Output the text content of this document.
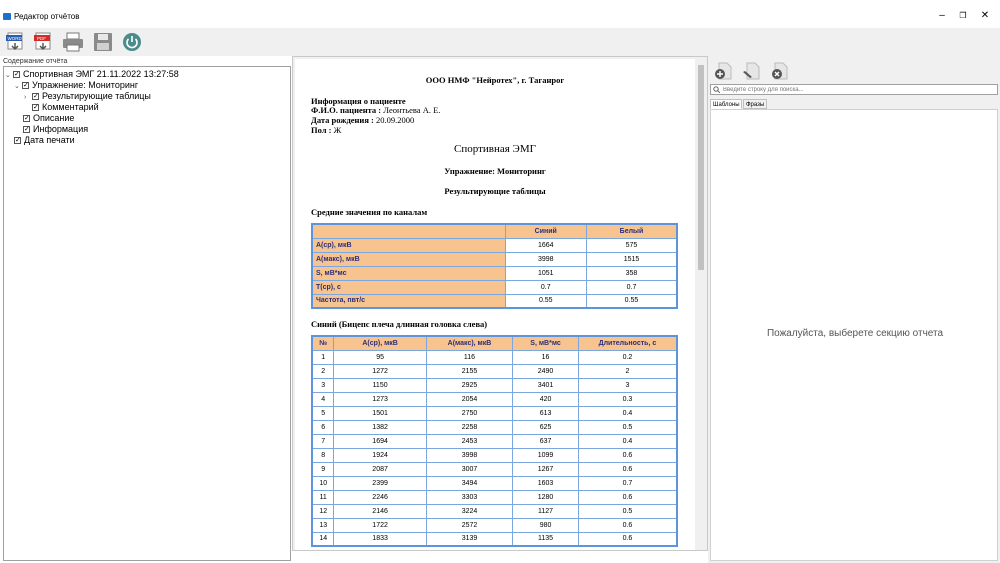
Редактор отчётов	–	❐	✕
WORD	PDF
Содержание отчёта
⌄ ✓ Спортивная ЭМГ 21.11.2022 13:27:58
⌄ ✓ Упражнение: Мониторинг
› ✓ Результирующие таблицы
✓ Комментарий
✓ Описание
✓ Информация
✓ Дата печати
ООО НМФ "Нейротех", г. Таганрог
Информация о пациенте
Ф.И.О. пациента : Леонтьева А. Е.
Дата рождения : 20.09.2000
Пол : Ж
Спортивная ЭМГ
Упражнение: Мониторинг
Результирующие таблицы
Средние значения по каналам
	Синий	Белый
A(ср), мкВ	1664	575
A(макс), мкВ	3998	1515
S, мВ*мс	1051	358
T(ср), с	0.7	0.7
Частота, пвт/с	0.55	0.55
Синий (Бицепс плеча длинная головка слева)
№	A(ср), мкВ	A(макс), мкВ	S, мВ*мс	Длительность, с
1	95	116	16	0.2
2	1272	2155	2490	2
3	1150	2925	3401	3
4	1273	2054	420	0.3
5	1501	2750	613	0.4
6	1382	2258	625	0.5
7	1694	2453	637	0.4
8	1924	3998	1099	0.6
9	2087	3007	1267	0.6
10	2399	3494	1603	0.7
11	2246	3303	1280	0.6
12	2146	3224	1127	0.5
13	1722	2572	980	0.6
14	1833	3139	1135	0.6
Введите строку для поиска...
Шаблоны	Фразы
Пожалуйста, выберете секцию отчета
